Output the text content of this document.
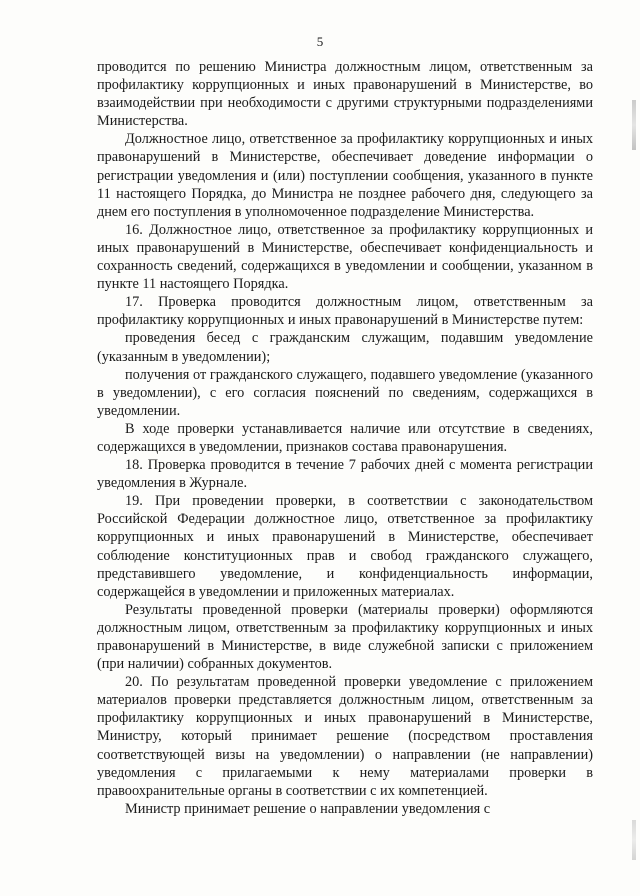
5

проводится по решению Министра должностным лицом, ответственным за профилактику коррупционных и иных правонарушений в Министерстве, во взаимодействии при необходимости с другими структурными подразделениями Министерства.

Должностное лицо, ответственное за профилактику коррупционных и иных правонарушений в Министерстве, обеспечивает доведение информации о регистрации уведомления и (или) поступлении сообщения, указанного в пункте 11 настоящего Порядка, до Министра не позднее рабочего дня, следующего за днем его поступления в уполномоченное подразделение Министерства.

16. Должностное лицо, ответственное за профилактику коррупционных и иных правонарушений в Министерстве, обеспечивает конфиденциальность и сохранность сведений, содержащихся в уведомлении и сообщении, указанном в пункте 11 настоящего Порядка.

17. Проверка проводится должностным лицом, ответственным за профилактику коррупционных и иных правонарушений в Министерстве путем:

проведения бесед с гражданским служащим, подавшим уведомление (указанным в уведомлении);

получения от гражданского служащего, подавшего уведомление (указанного в уведомлении), с его согласия пояснений по сведениям, содержащихся в уведомлении.

В ходе проверки устанавливается наличие или отсутствие в сведениях, содержащихся в уведомлении, признаков состава правонарушения.

18. Проверка проводится в течение 7 рабочих дней с момента регистрации уведомления в Журнале.

19. При проведении проверки, в соответствии с законодательством Российской Федерации должностное лицо, ответственное за профилактику коррупционных и иных правонарушений в Министерстве, обеспечивает соблюдение конституционных прав и свобод гражданского служащего, представившего уведомление, и конфиденциальность информации, содержащейся в уведомлении и приложенных материалах.

Результаты проведенной проверки (материалы проверки) оформляются должностным лицом, ответственным за профилактику коррупционных и иных правонарушений в Министерстве, в виде служебной записки с приложением (при наличии) собранных документов.

20. По результатам проведенной проверки уведомление с приложением материалов проверки представляется должностным лицом, ответственным за профилактику коррупционных и иных правонарушений в Министерстве, Министру, который принимает решение (посредством проставления соответствующей визы на уведомлении) о направлении (не направлении) уведомления с прилагаемыми к нему материалами проверки в правоохранительные органы в соответствии с их компетенцией.

Министр принимает решение о направлении уведомления с
